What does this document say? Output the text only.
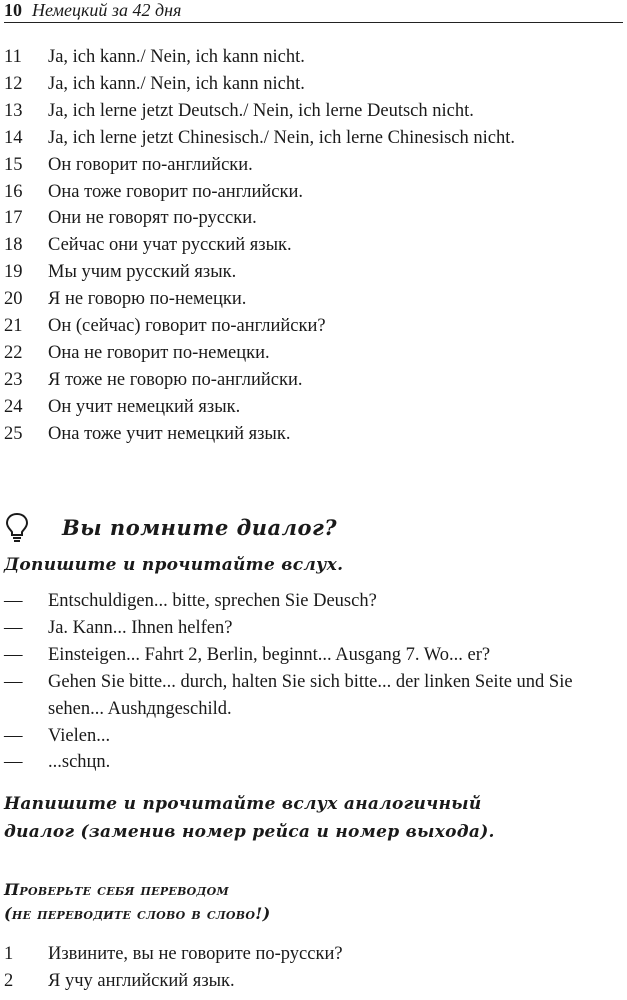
10 Немецкий за 42 дня
11	Ja, ich kann./ Nein, ich kann nicht.
12	Ja, ich kann./ Nein, ich kann nicht.
13	Ja, ich lerne jetzt Deutsch./ Nein, ich lerne Deutsch nicht.
14	Ja, ich lerne jetzt Chinesisch./ Nein, ich lerne Chinesisch nicht.
15	Он говорит по-английски.
16	Она тоже говорит по-английски.
17	Они не говорят по-русски.
18	Сейчас они учат русский язык.
19	Мы учим русский язык.
20	Я не говорю по-немецки.
21	Он (сейчас) говорит по-английски?
22	Она не говорит по-немецки.
23	Я тоже не говорю по-английски.
24	Он учит немецкий язык.
25	Она тоже учит немецкий язык.
Вы помните диалог?
Допишите и прочитайте вслух.
—	Entschuldigen... bitte, sprechen Sie Deusch?
—	Ja. Kann... Ihnen helfen?
—	Einsteigen... Fahrt 2, Berlin, beginnt... Ausgang 7. Wo... er?
—	Gehen Sie bitte... durch, halten Sie sich bitte... der linken Seite und Sie sehen... Aushдngeschild.
—	Vielen...
—	...schцn.
Напишите и прочитайте вслух аналогичный
диалог (заменив номер рейса и номер выхода).
Проверьте себя переводом
(не переводите слово в слово!)
1	Извините, вы не говорите по-русски?
2	Я учу английский язык.
